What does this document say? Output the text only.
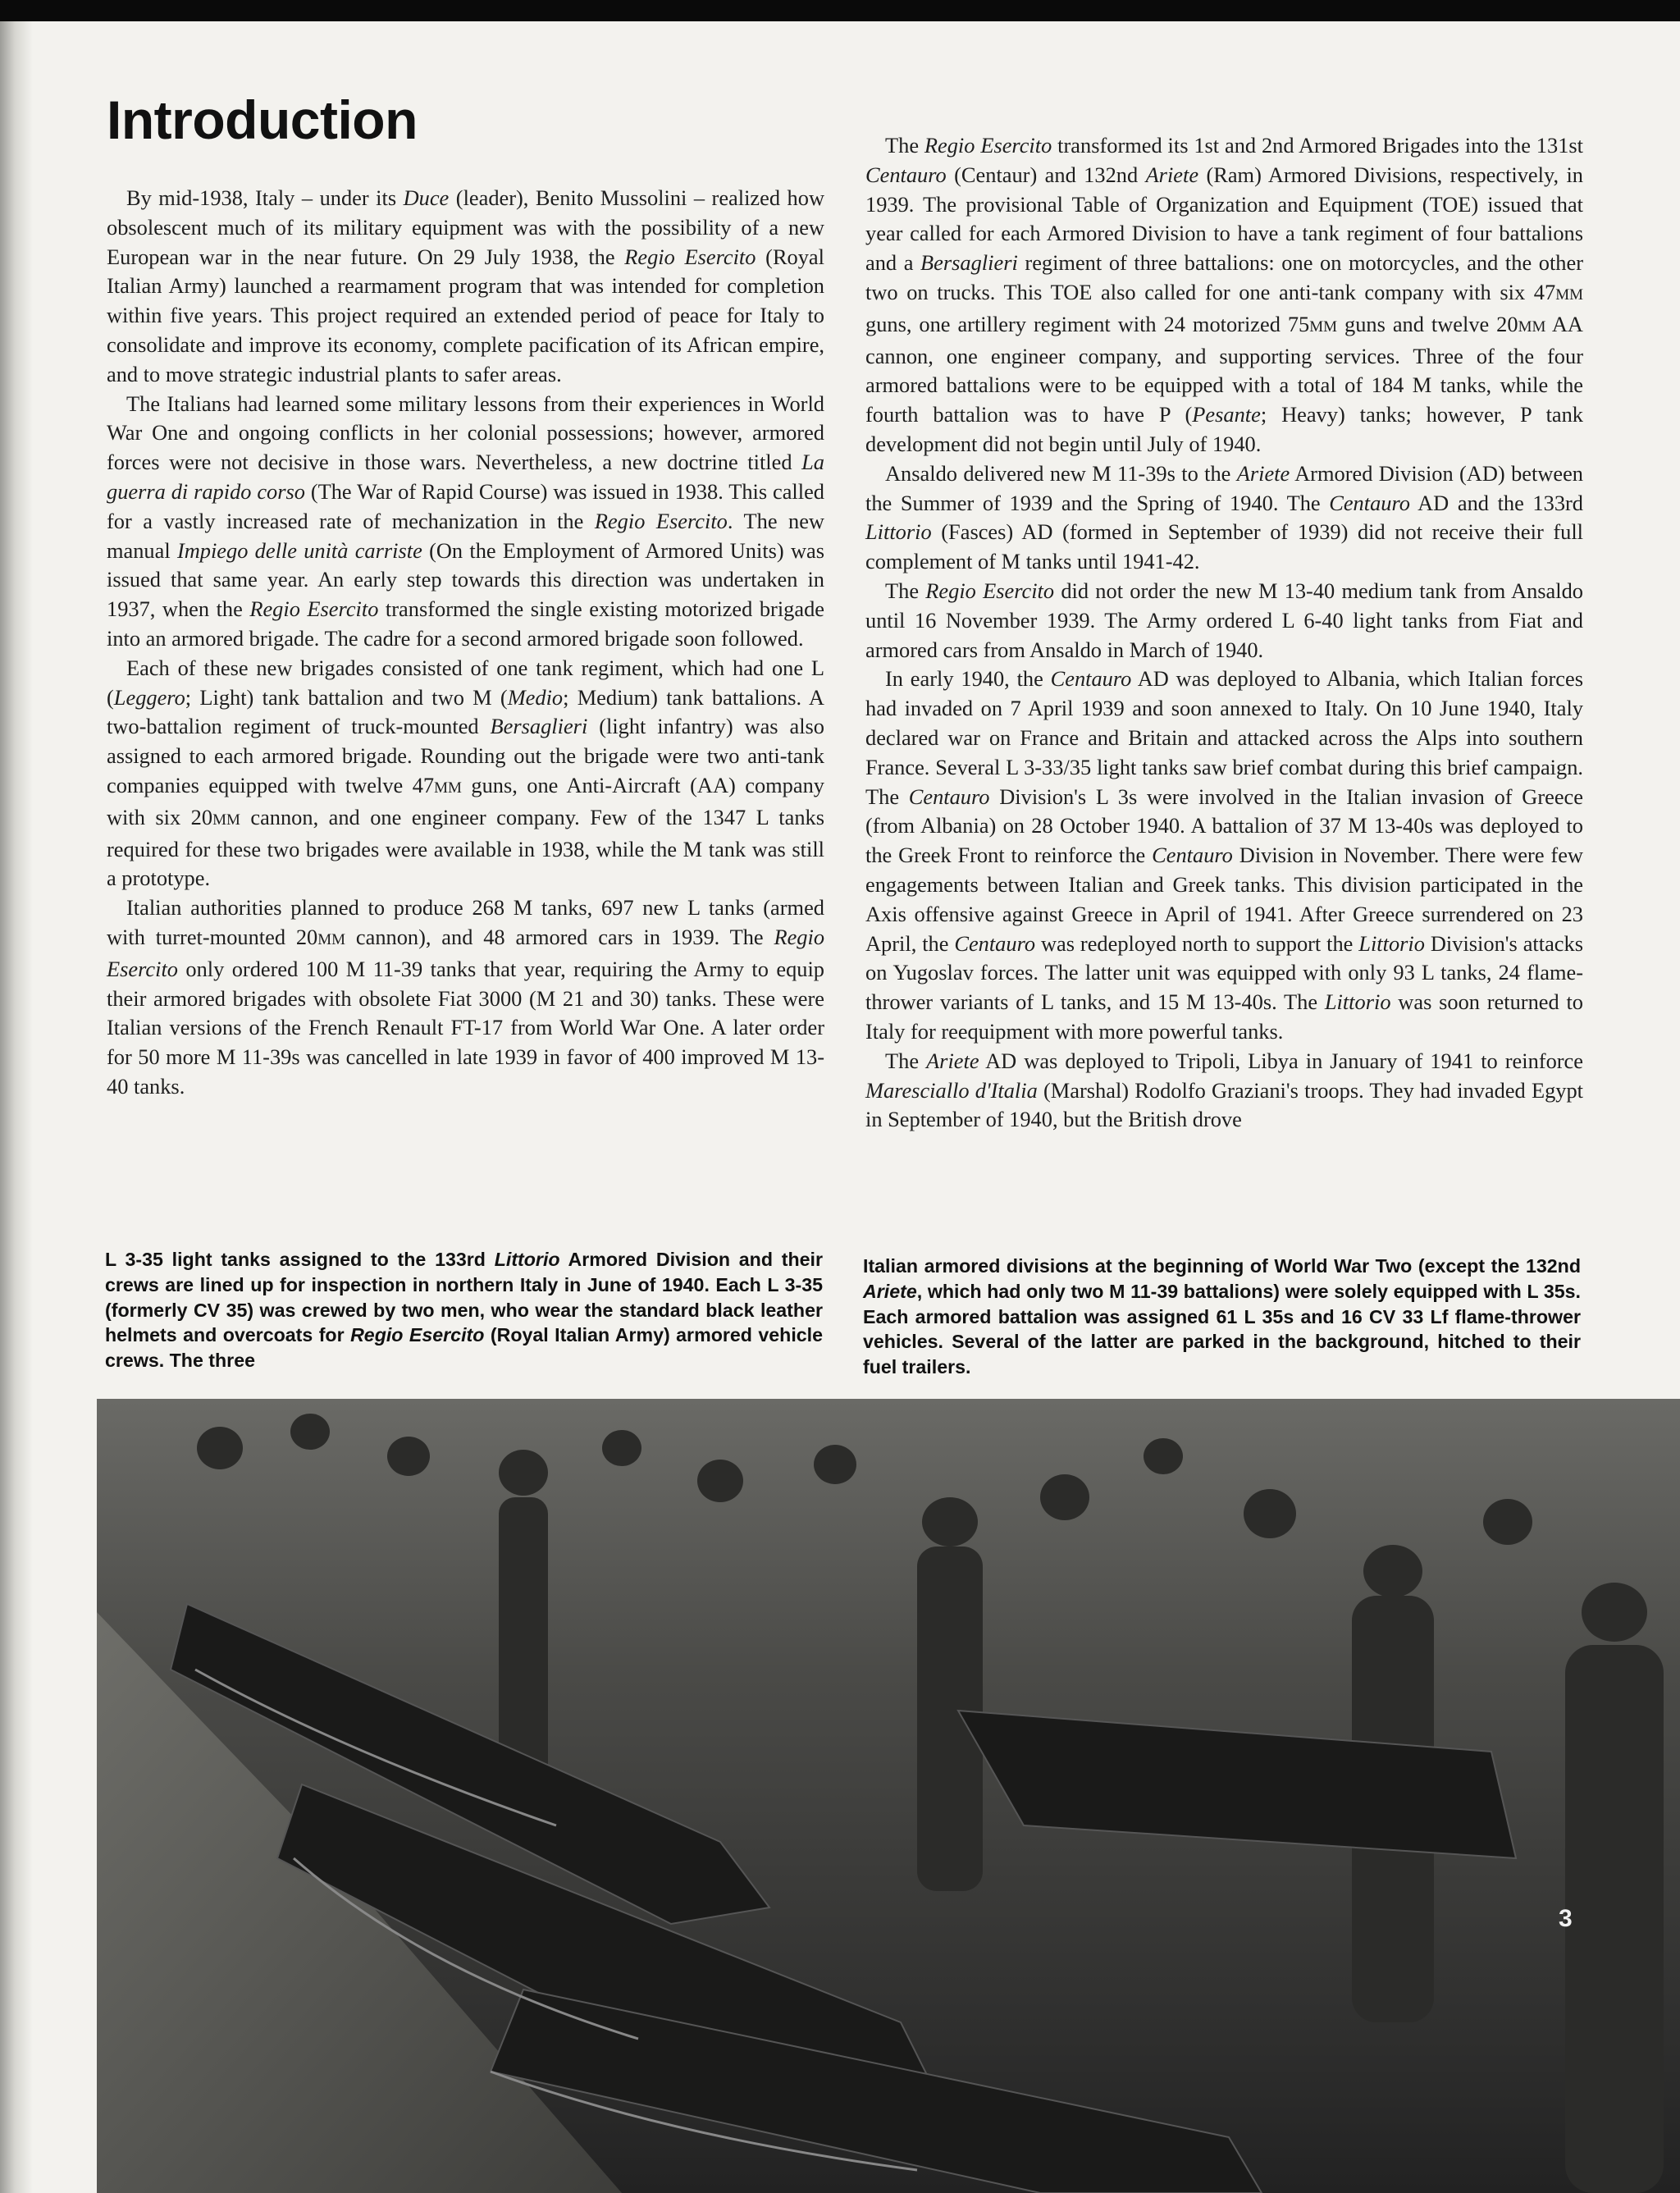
Introduction

By mid-1938, Italy – under its Duce (leader), Benito Mussolini – realized how obsolescent much of its military equipment was with the possibility of a new European war in the near future. On 29 July 1938, the Regio Esercito (Royal Italian Army) launched a rearmament program that was intended for completion within five years. This project required an extended period of peace for Italy to consolidate and improve its economy, complete pacification of its African empire, and to move strategic industrial plants to safer areas.

The Italians had learned some military lessons from their experiences in World War One and ongoing conflicts in her colonial possessions; however, armored forces were not decisive in those wars. Nevertheless, a new doctrine titled La guerra di rapido corso (The War of Rapid Course) was issued in 1938. This called for a vastly increased rate of mechanization in the Regio Esercito. The new manual Impiego delle unità carriste (On the Employment of Armored Units) was issued that same year. An early step towards this direction was undertaken in 1937, when the Regio Esercito transformed the single existing motorized brigade into an armored brigade. The cadre for a second armored brigade soon followed.

Each of these new brigades consisted of one tank regiment, which had one L (Leggero; Light) tank battalion and two M (Medio; Medium) tank battalions. A two-battalion regiment of truck-mounted Bersaglieri (light infantry) was also assigned to each armored brigade. Rounding out the brigade were two anti-tank companies equipped with twelve 47MM guns, one Anti-Aircraft (AA) company with six 20MM cannon, and one engineer company. Few of the 1347 L tanks required for these two brigades were available in 1938, while the M tank was still a prototype.

Italian authorities planned to produce 268 M tanks, 697 new L tanks (armed with turret-mounted 20MM cannon), and 48 armored cars in 1939. The Regio Esercito only ordered 100 M 11-39 tanks that year, requiring the Army to equip their armored brigades with obsolete Fiat 3000 (M 21 and 30) tanks. These were Italian versions of the French Renault FT-17 from World War One. A later order for 50 more M 11-39s was cancelled in late 1939 in favor of 400 improved M 13-40 tanks.

The Regio Esercito transformed its 1st and 2nd Armored Brigades into the 131st Centauro (Centaur) and 132nd Ariete (Ram) Armored Divisions, respectively, in 1939. The provisional Table of Organization and Equipment (TOE) issued that year called for each Armored Division to have a tank regiment of four battalions and a Bersaglieri regiment of three battalions: one on motorcycles, and the other two on trucks. This TOE also called for one anti-tank company with six 47MM guns, one artillery regiment with 24 motorized 75MM guns and twelve 20MM AA cannon, one engineer company, and supporting services. Three of the four armored battalions were to be equipped with a total of 184 M tanks, while the fourth battalion was to have P (Pesante; Heavy) tanks; however, P tank development did not begin until July of 1940.

Ansaldo delivered new M 11-39s to the Ariete Armored Division (AD) between the Summer of 1939 and the Spring of 1940. The Centauro AD and the 133rd Littorio (Fasces) AD (formed in September of 1939) did not receive their full complement of M tanks until 1941-42.

The Regio Esercito did not order the new M 13-40 medium tank from Ansaldo until 16 November 1939. The Army ordered L 6-40 light tanks from Fiat and armored cars from Ansaldo in March of 1940.

In early 1940, the Centauro AD was deployed to Albania, which Italian forces had invaded on 7 April 1939 and soon annexed to Italy. On 10 June 1940, Italy declared war on France and Britain and attacked across the Alps into southern France. Several L 3-33/35 light tanks saw brief combat during this brief campaign. The Centauro Division's L 3s were involved in the Italian invasion of Greece (from Albania) on 28 October 1940. A battalion of 37 M 13-40s was deployed to the Greek Front to reinforce the Centauro Division in November. There were few engagements between Italian and Greek tanks. This division participated in the Axis offensive against Greece in April of 1941. After Greece surrendered on 23 April, the Centauro was redeployed north to support the Littorio Division's attacks on Yugoslav forces. The latter unit was equipped with only 93 L tanks, 24 flame-thrower variants of L tanks, and 15 M 13-40s. The Littorio was soon returned to Italy for reequipment with more powerful tanks.

The Ariete AD was deployed to Tripoli, Libya in January of 1941 to reinforce Maresciallo d'Italia (Marshal) Rodolfo Graziani's troops. They had invaded Egypt in September of 1940, but the British drove

L 3-35 light tanks assigned to the 133rd Littorio Armored Division and their crews are lined up for inspection in northern Italy in June of 1940. Each L 3-35 (formerly CV 35) was crewed by two men, who wear the standard black leather helmets and overcoats for Regio Esercito (Royal Italian Army) armored vehicle crews. The three

Italian armored divisions at the beginning of World War Two (except the 132nd Ariete, which had only two M 11-39 battalions) were solely equipped with L 35s. Each armored battalion was assigned 61 L 35s and 16 CV 33 Lf flame-thrower vehicles. Several of the latter are parked in the background, hitched to their fuel trailers.

3
